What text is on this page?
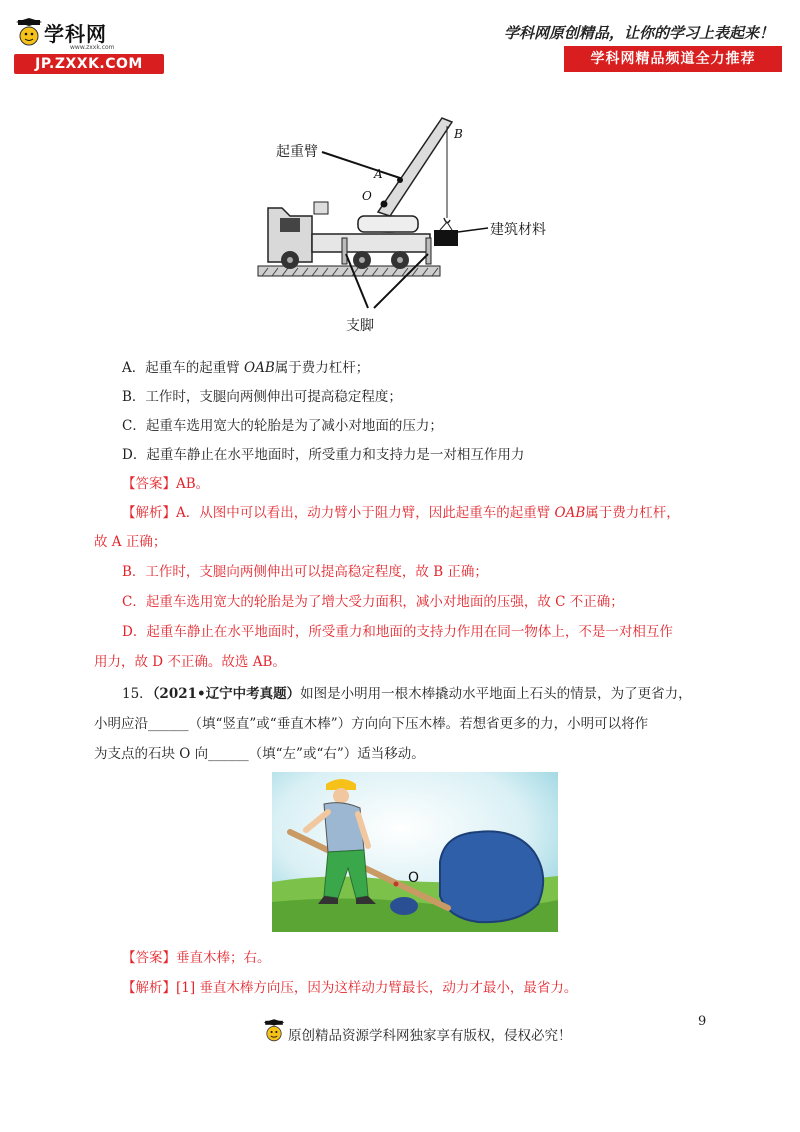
学科网
www.zxxk.com
JP.ZXXK.COM
学科网原创精品，让你的学习上表起来！
学科网精品频道全力推荐
起重臂
A
O
B
建筑材料
支脚
A．起重车的起重臂 OAB属于费力杠杆；
B．工作时，支腿向两侧伸出可提高稳定程度；
C．起重车选用宽大的轮胎是为了减小对地面的压力；
D．起重车静止在水平地面时，所受重力和支持力是一对相互作用力
【答案】AB。
【解析】A．从图中可以看出，动力臂小于阻力臂，因此起重车的起重臂 OAB属于费力杠杆，
故 A 正确；
B．工作时，支腿向两侧伸出可以提高稳定程度，故 B 正确；
C．起重车选用宽大的轮胎是为了增大受力面积，减小对地面的压强，故 C 不正确；
D．起重车静止在水平地面时，所受重力和地面的支持力作用在同一物体上，不是一对相互作
用力，故 D 不正确。故选 AB。
15．（2021•辽宁中考真题）如图是小明用一根木棒撬动水平地面上石头的情景，为了更省力，
小明应沿______（填“竖直”或“垂直木棒”）方向向下压木棒。若想省更多的力，小明可以将作
为支点的石块 O 向______（填“左”或“右”）适当移动。
O
【答案】垂直木棒；右。
【解析】[1] 垂直木棒方向压，因为这样动力臂最长，动力才最小，最省力。
9
原创精品资源学科网独家享有版权，侵权必究！
